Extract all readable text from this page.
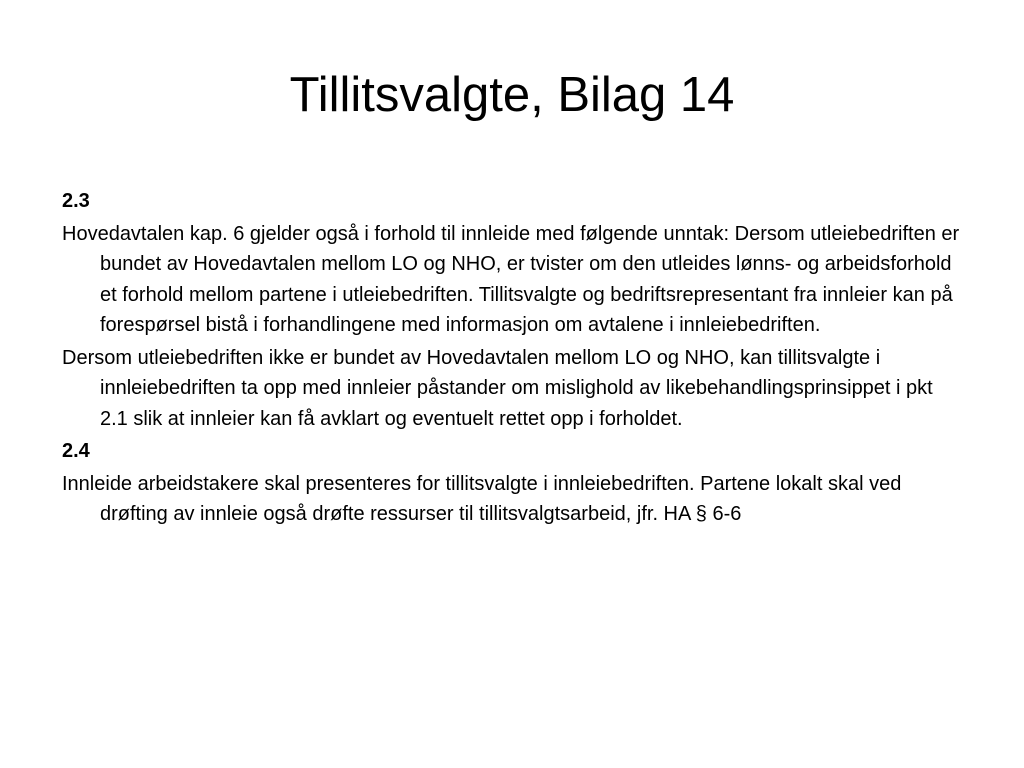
Tillitsvalgte, Bilag 14
2.3
Hovedavtalen kap. 6 gjelder også i forhold til innleide med følgende unntak: Dersom utleiebedriften er bundet av Hovedavtalen mellom LO og NHO, er tvister om den utleides lønns- og arbeidsforhold et forhold mellom partene i utleiebedriften. Tillitsvalgte og bedriftsrepresentant fra innleier kan på forespørsel bistå i forhandlingene med informasjon om avtalene i innleiebedriften.
Dersom utleiebedriften ikke er bundet av Hovedavtalen mellom LO og NHO, kan tillitsvalgte i innleiebedriften ta opp med innleier påstander om mislighold av likebehandlingsprinsippet i pkt 2.1 slik at innleier kan få avklart og eventuelt rettet opp i forholdet.
2.4
Innleide arbeidstakere skal presenteres for tillitsvalgte i innleiebedriften. Partene lokalt skal ved drøfting av innleie også drøfte ressurser til tillitsvalgtsarbeid, jfr. HA § 6-6
